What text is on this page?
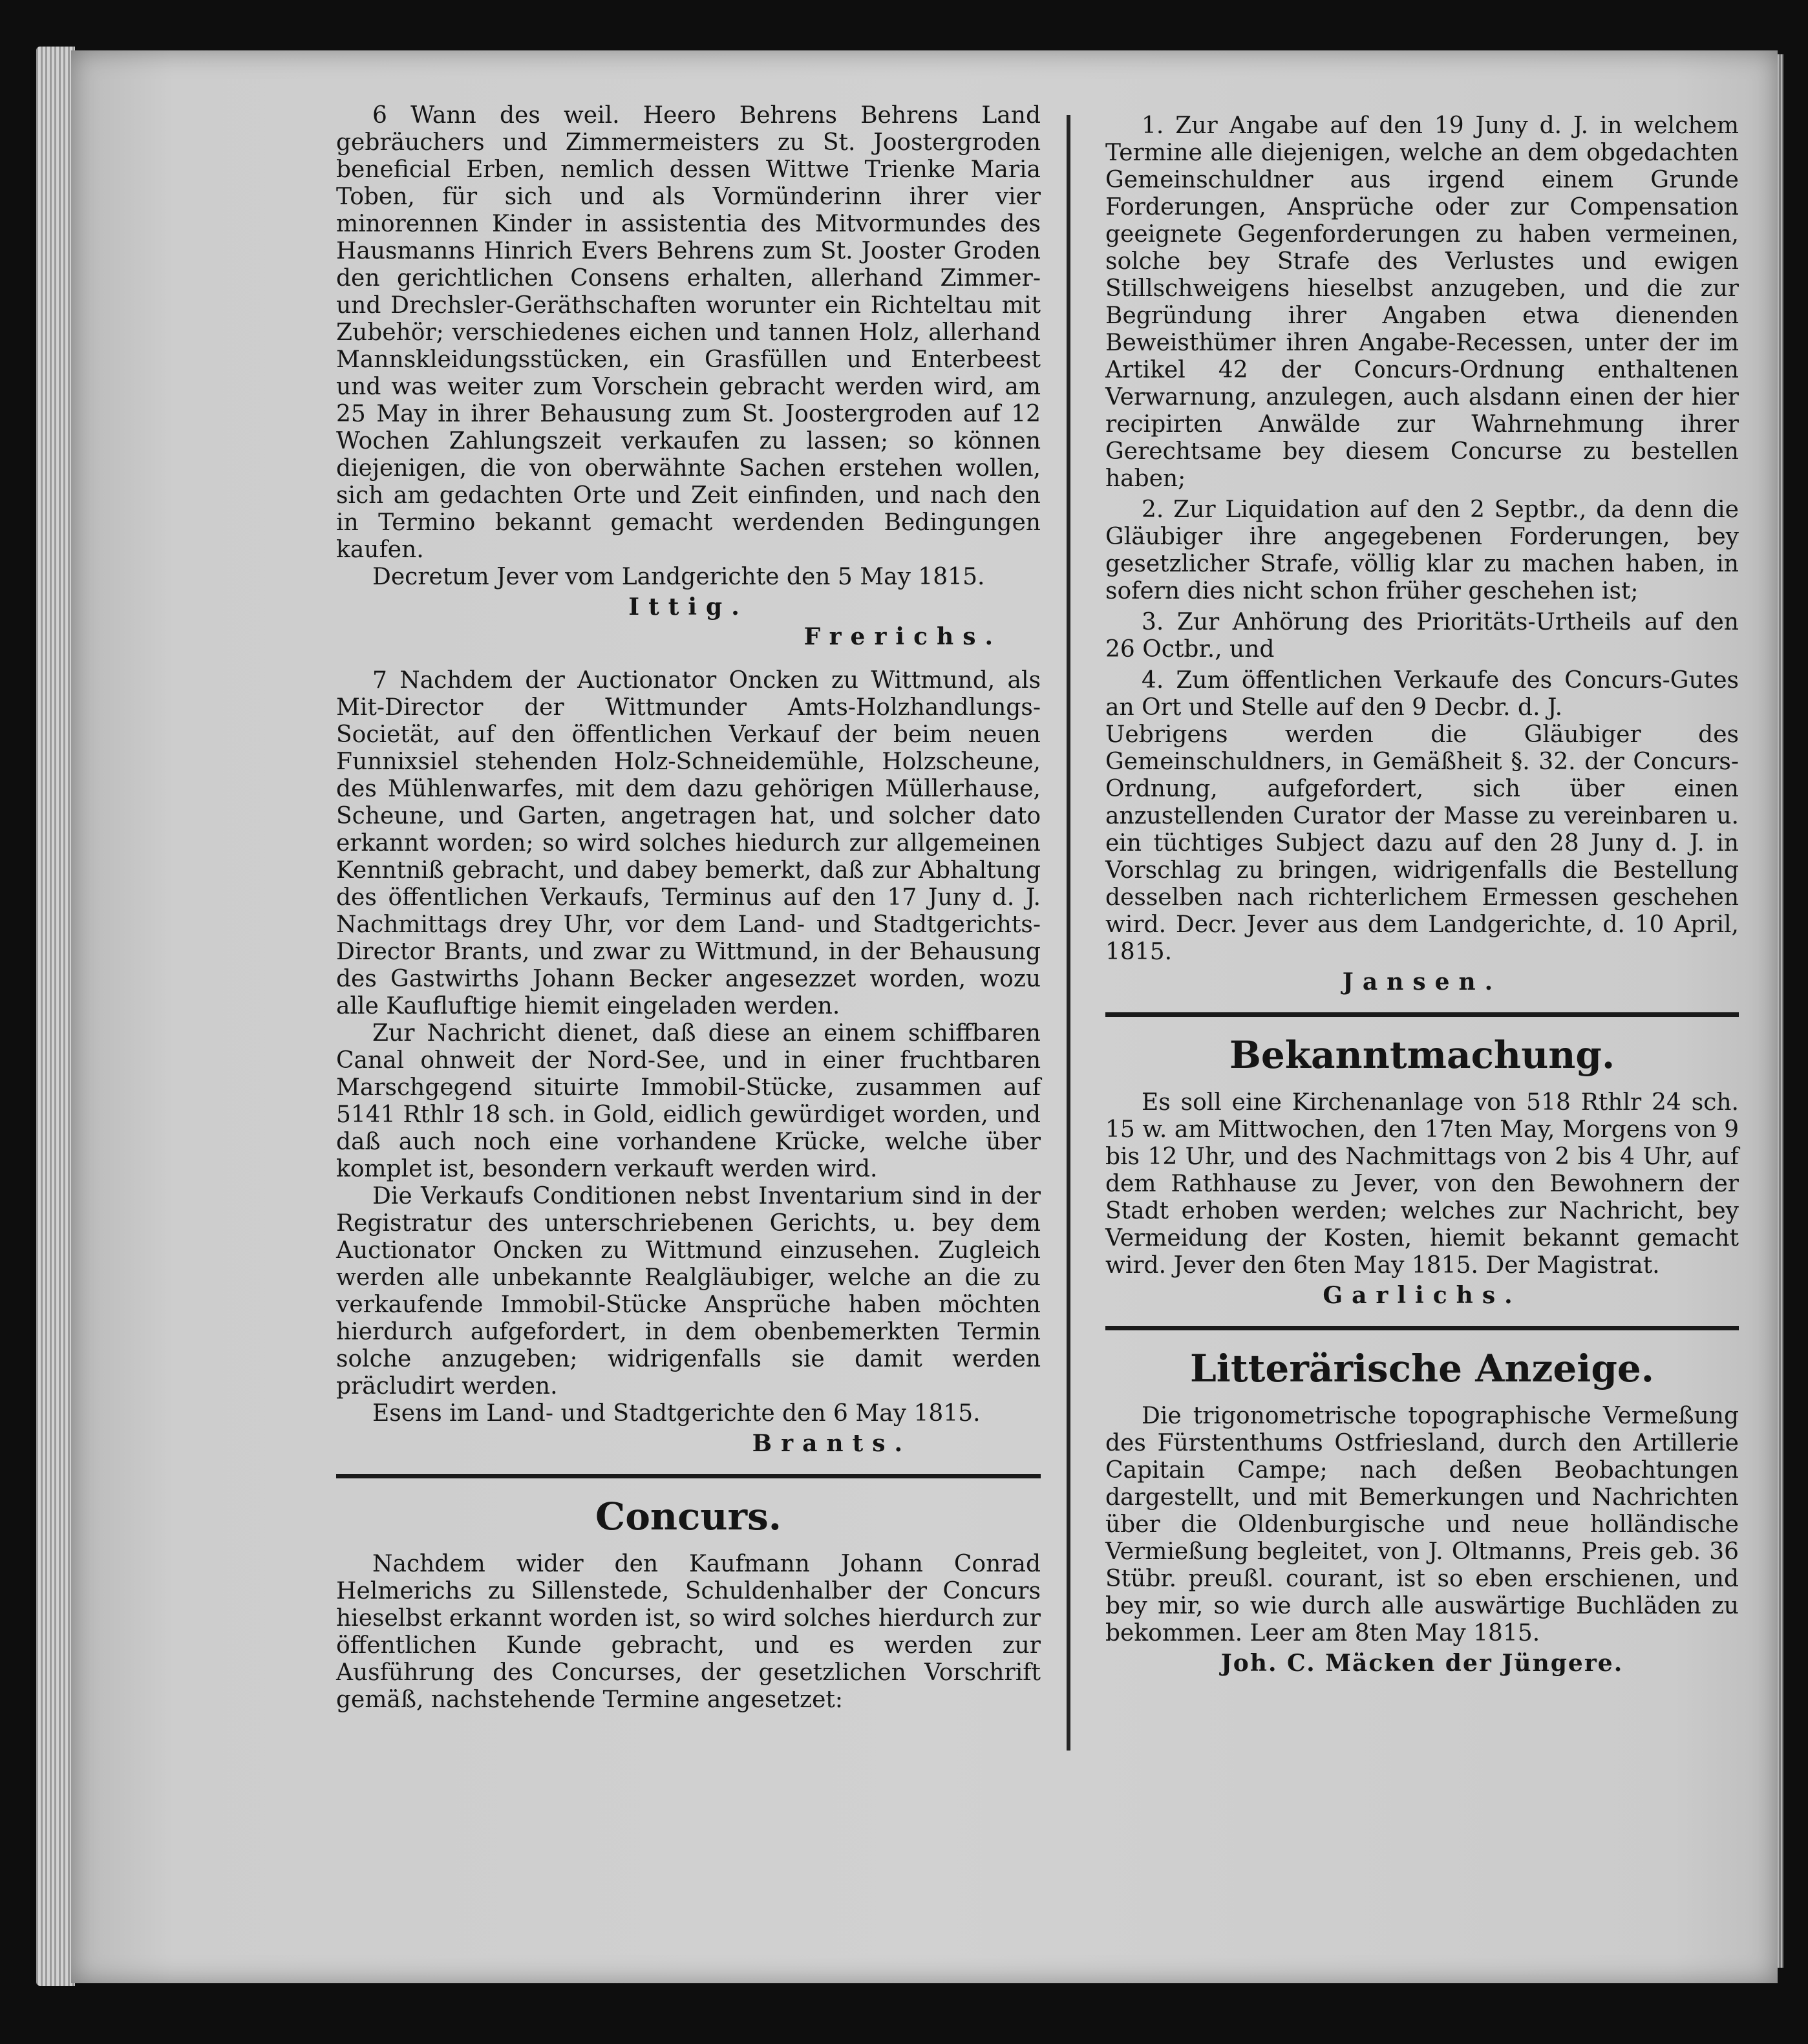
6 Wann des weil. Heero Behrens Behrens Land gebräuchers und Zimmermeisters zu St. Joostergroden beneficial Erben, nemlich dessen Wittwe Trienke Maria Toben, für sich und als Vormünderinn ihrer vier minorennen Kinder in assistentia des Mitvormundes des Hausmanns Hinrich Evers Behrens zum St. Jooster Groden den gerichtlichen Consens erhalten, allerhand Zimmer- und Drechsler-Geräthschaften worunter ein Richteltau mit Zubehör; verschiedenes eichen und tannen Holz, allerhand Mannskleidungsstücken, ein Grasfüllen und Enterbeest und was weiter zum Vorschein gebracht werden wird, am 25 May in ihrer Behausung zum St. Joostergroden auf 12 Wochen Zahlungszeit verkaufen zu lassen; so können diejenigen, die von oberwähnte Sachen erstehen wollen, sich am gedachten Orte und Zeit einfinden, und nach den in Termino bekannt gemacht werdenden Bedingungen kaufen.

Decretum Jever vom Landgerichte den 5 May 1815.

Ittig.

Frerichs.

7 Nachdem der Auctionator Oncken zu Wittmund, als Mit-Director der Wittmunder Amts-Holzhandlungs-Societät, auf den öffentlichen Verkauf der beim neuen Funnixsiel stehenden Holz-Schneidemühle, Holzscheune, des Mühlenwarfes, mit dem dazu gehörigen Müllerhause, Scheune, und Garten, angetragen hat, und solcher dato erkannt worden; so wird solches hiedurch zur allgemeinen Kenntniß gebracht, und dabey bemerkt, daß zur Abhaltung des öffentlichen Verkaufs, Terminus auf den 17 Juny d. J. Nachmittags drey Uhr, vor dem Land- und Stadtgerichts-Director Brants, und zwar zu Wittmund, in der Behausung des Gastwirths Johann Becker angesezzet worden, wozu alle Kaufluftige hiemit eingeladen werden.

Zur Nachricht dienet, daß diese an einem schiffbaren Canal ohnweit der Nord-See, und in einer fruchtbaren Marschgegend situirte Immobil-Stücke, zusammen auf 5141 Rthlr 18 sch. in Gold, eidlich gewürdiget worden, und daß auch noch eine vorhandene Krücke, welche über komplet ist, besondern verkauft werden wird.

Die Verkaufs Conditionen nebst Inventarium sind in der Registratur des unterschriebenen Gerichts, u. bey dem Auctionator Oncken zu Wittmund einzusehen. Zugleich werden alle unbekannte Realgläubiger, welche an die zu verkaufende Immobil-Stücke Ansprüche haben möchten hierdurch aufgefordert, in dem obenbemerkten Termin solche anzugeben; widrigenfalls sie damit werden präcludirt werden.

Esens im Land- und Stadtgerichte den 6 May 1815.

Brants.

Concurs.

Nachdem wider den Kaufmann Johann Conrad Helmerichs zu Sillenstede, Schuldenhalber der Concurs hieselbst erkannt worden ist, so wird solches hierdurch zur öffentlichen Kunde gebracht, und es werden zur Ausführung des Concurses, der gesetzlichen Vorschrift gemäß, nachstehende Termine angesetzet:

1. Zur Angabe auf den 19 Juny d. J. in welchem Termine alle diejenigen, welche an dem obgedachten Gemeinschuldner aus irgend einem Grunde Forderungen, Ansprüche oder zur Compensation geeignete Gegenforderungen zu haben vermeinen, solche bey Strafe des Verlustes und ewigen Stillschweigens hieselbst anzugeben, und die zur Begründung ihrer Angaben etwa dienenden Beweisthümer ihren Angabe-Recessen, unter der im Artikel 42 der Concurs-Ordnung enthaltenen Verwarnung, anzulegen, auch alsdann einen der hier recipirten Anwälde zur Wahrnehmung ihrer Gerechtsame bey diesem Concurse zu bestellen haben;

2. Zur Liquidation auf den 2 Septbr., da denn die Gläubiger ihre angegebenen Forderungen, bey gesetzlicher Strafe, völlig klar zu machen haben, in sofern dies nicht schon früher geschehen ist;

3. Zur Anhörung des Prioritäts-Urtheils auf den 26 Octbr., und

4. Zum öffentlichen Verkaufe des Concurs-Gutes an Ort und Stelle auf den 9 Decbr. d. J.

Uebrigens werden die Gläubiger des Gemeinschuldners, in Gemäßheit §. 32. der Concurs-Ordnung, aufgefordert, sich über einen anzustellenden Curator der Masse zu vereinbaren u. ein tüchtiges Subject dazu auf den 28 Juny d. J. in Vorschlag zu bringen, widrigenfalls die Bestellung desselben nach richterlichem Ermessen geschehen wird. Decr. Jever aus dem Landgerichte, d. 10 April, 1815.

Jansen.

Bekanntmachung.

Es soll eine Kirchenanlage von 518 Rthlr 24 sch. 15 w. am Mittwochen, den 17ten May, Morgens von 9 bis 12 Uhr, und des Nachmittags von 2 bis 4 Uhr, auf dem Rathhause zu Jever, von den Bewohnern der Stadt erhoben werden; welches zur Nachricht, bey Vermeidung der Kosten, hiemit bekannt gemacht wird. Jever den 6ten May 1815. Der Magistrat.

Garlichs.

Litterärische Anzeige.

Die trigonometrische topographische Vermeßung des Fürstenthums Ostfriesland, durch den Artillerie Capitain Campe; nach deßen Beobachtungen dargestellt, und mit Bemerkungen und Nachrichten über die Oldenburgische und neue holländische Vermießung begleitet, von J. Oltmanns, Preis geb. 36 Stübr. preußl. courant, ist so eben erschienen, und bey mir, so wie durch alle auswärtige Buchläden zu bekommen. Leer am 8ten May 1815.

Joh. C. Mäcken der Jüngere.
